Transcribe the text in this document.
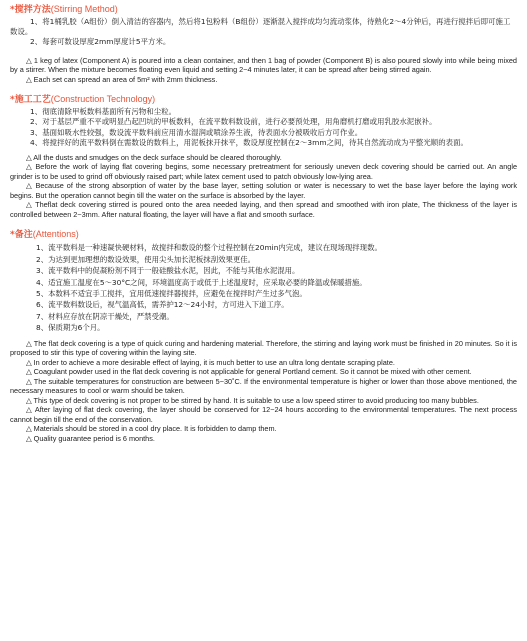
*搅拌方法(Stirring Method)

1、将1桶乳胶（A组份）倒入清洁的容器内，然后将1包粉料（B组份）逐渐混入搅拌成均匀流动浆体，待熟化2～4分钟后，再进行搅拌后即可施工数设。

2、每套可数设厚度2mm厚度计5平方米。

△ 1 keg of latex (Component A) is poured into a clean container, and then 1 bag of powder (Component B) is also poured slowly into while being mixed by a stirrer. When the mixture becomes floating even liquid and setting 2~4 minutes later, it can be spread after being stirred again.

△ Each set can spread an area of 5m² with 2mm thickness.

*施工工艺(Construction Technology)

1、彻底清除甲板数料基面所有污物和尘粒。

2、对于基层严重不平或明显凸起凹坑的甲板数料，在流平数料数设前，进行必要预处理，用角磨机打磨或用乳胶水泥嵌补。

3、基面如吸水性较强，数设流平数料前应用清水湿润或喷涂养生液，待表面水分被吸收后方可作业。

4、将搅拌好的流平数料倒在需数设的数料上，用泥板抹开抹平，数设厚度控制在2～3mm之间，待其自然流动成为平整光顺的表面。

△ All the dusts and smudges on the deck surface should be cleared thoroughly.

△ Before the work of laying flat covering begins, some necessary pretreatment for seriously uneven deck covering should be carried out. An angle grinder is to be used to grind off obviously raised part; while latex cement used to patch obviously low-lying area.

△ Because of the strong absorption of water by the base layer, setting solution or water is necessary to wet the base layer before the laying work begins. But the operation cannot begin till the water on the surface is absorbed by the layer.

△ Theflat deck covering stirred is poured onto the area needed laying, and then spread and smoothed with iron plate, The thickness of the layer is controlled between 2~3mm. After natural floating, the layer will have a flat and smooth surface.

*备注(Attentions)

1、流平数料是一种速凝快硬材料，故搅拌和数设的整个过程控制在20min内完成，建议在现场现拌现数。

2、为达到更加理想的数设效果，使用尖头加长泥板抹刮效果更佳。

3、流平数料中的促凝粉剂不同于一般硅酸盐水泥，因此，不能与其他水泥混用。

4、适宜施工温度在5～30°C之间，环境温度高于或低于上述温度时，应采取必要的降温或保暖措施。

5、本数料不适宜手工搅拌，宜用低速搅拌器搅拌，应避免在搅拌时产生过多气泡。

6、流平数料数设后，视气温高低，需养护12～24小时，方可进入下道工序。

7、材料应存放在阴凉干燥处，严禁受潮。

8、保质期为6个月。

△ The flat deck covering is a type of quick curing and hardening material. Therefore, the stirring and laying work must be finished in 20 minutes. So it is proposed to stir this type of covering within the laying site.

△ In order to achieve a more desirable effect of laying, it is much better to use an ultra long dentate scraping plate.

△ Coagulant powder used in the flat deck covering is not applicable for general Portland cement. So it cannot be mixed with other cement.

△ The suitable temperatures for construction are between 5~30˚C. If the environmental temperature is higher or lower than those above mentioned, the necessary measures to cool or warm should be taken.

△ This type of deck covering is not proper to be stirred by hand. It is suitable to use a low speed stirrer to avoid producing too many bubbles.

△ After laying of flat deck covering, the layer should be conserved for 12~24 hours according to the environmental temperatures. The next process cannot begin till the end of the conservation.

△ Materials should be stored in a cool dry place. It is forbidden to damp them.

△ Quality guarantee period is 6 months.
